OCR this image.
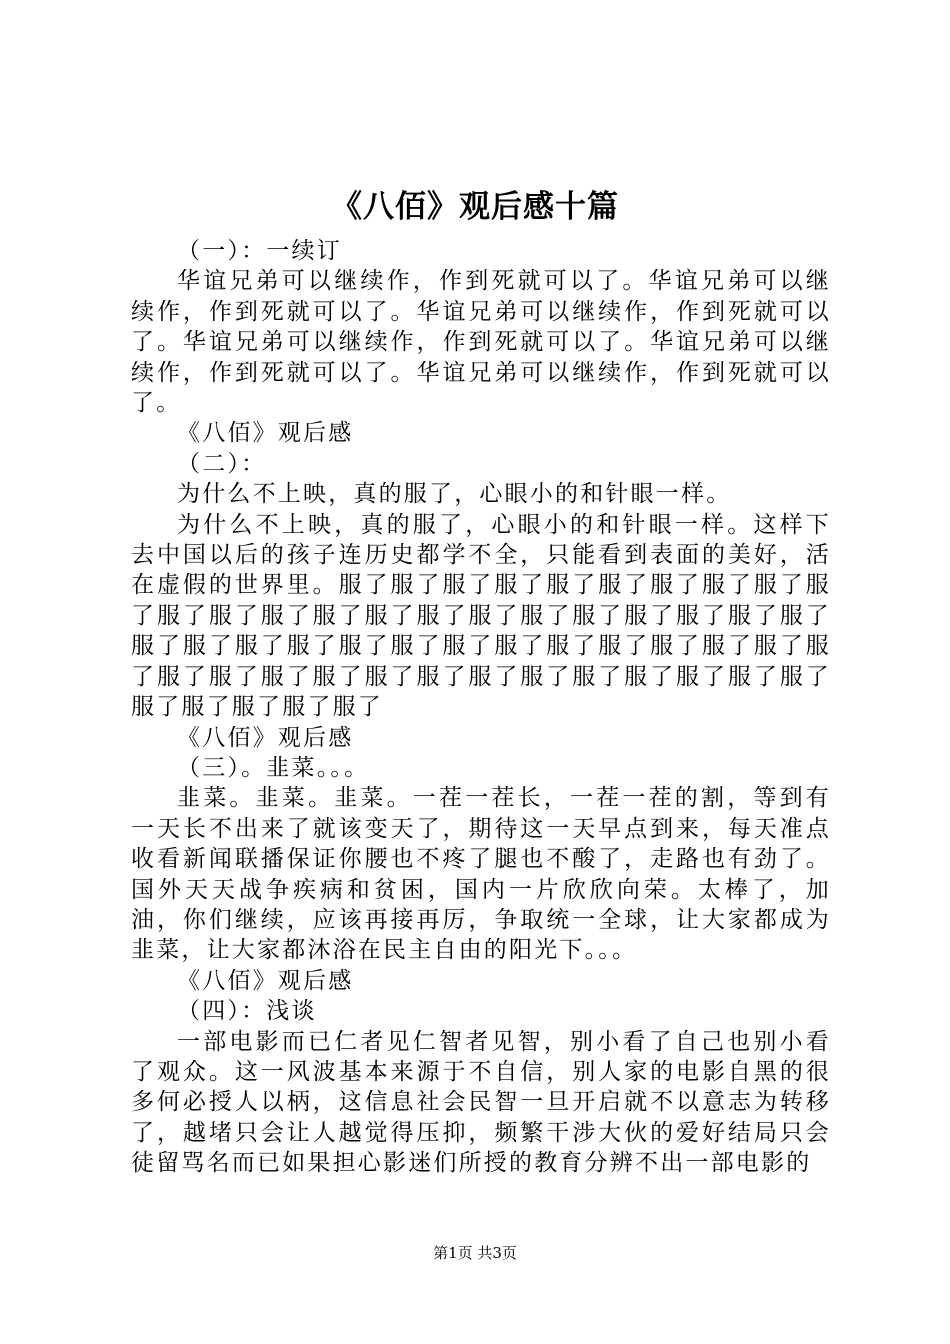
《八佰》观后感十篇

（一）：一续订

华谊兄弟可以继续作，作到死就可以了。华谊兄弟可以继续作，作到死就可以了。华谊兄弟可以继续作，作到死就可以了。华谊兄弟可以继续作，作到死就可以了。华谊兄弟可以继续作，作到死就可以了。华谊兄弟可以继续作，作到死就可以了。

《八佰》观后感

（二）：

为什么不上映，真的服了，心眼小的和针眼一样。

为什么不上映，真的服了，心眼小的和针眼一样。这样下去中国以后的孩子连历史都学不全，只能看到表面的美好，活在虚假的世界里。服了服了服了服了服了服了服了服了服了服了服了服了服了服了服了服了服了服了服了服了服了服了服了服了服了服了服了服了服了服了服了服了服了服了服了服了服了服了服了服了服了服了服了服了服了服了服了服了服了服了服了服了服了服了服了

《八佰》观后感

（三）。韭菜。。。

韭菜。韭菜。韭菜。一茬一茬长，一茬一茬的割，等到有一天长不出来了就该变天了，期待这一天早点到来，每天准点收看新闻联播保证你腰也不疼了腿也不酸了，走路也有劲了。国外天天战争疾病和贫困，国内一片欣欣向荣。太棒了，加油，你们继续，应该再接再厉，争取统一全球，让大家都成为韭菜，让大家都沐浴在民主自由的阳光下。。。

《八佰》观后感

（四）：浅谈

一部电影而已仁者见仁智者见智，别小看了自己也别小看了观众。这一风波基本来源于不自信，别人家的电影自黑的很多何必授人以柄，这信息社会民智一旦开启就不以意志为转移了，越堵只会让人越觉得压抑，频繁干涉大伙的爱好结局只会徒留骂名而已如果担心影迷们所授的教育分辨不出一部电影的

第1页 共3页
